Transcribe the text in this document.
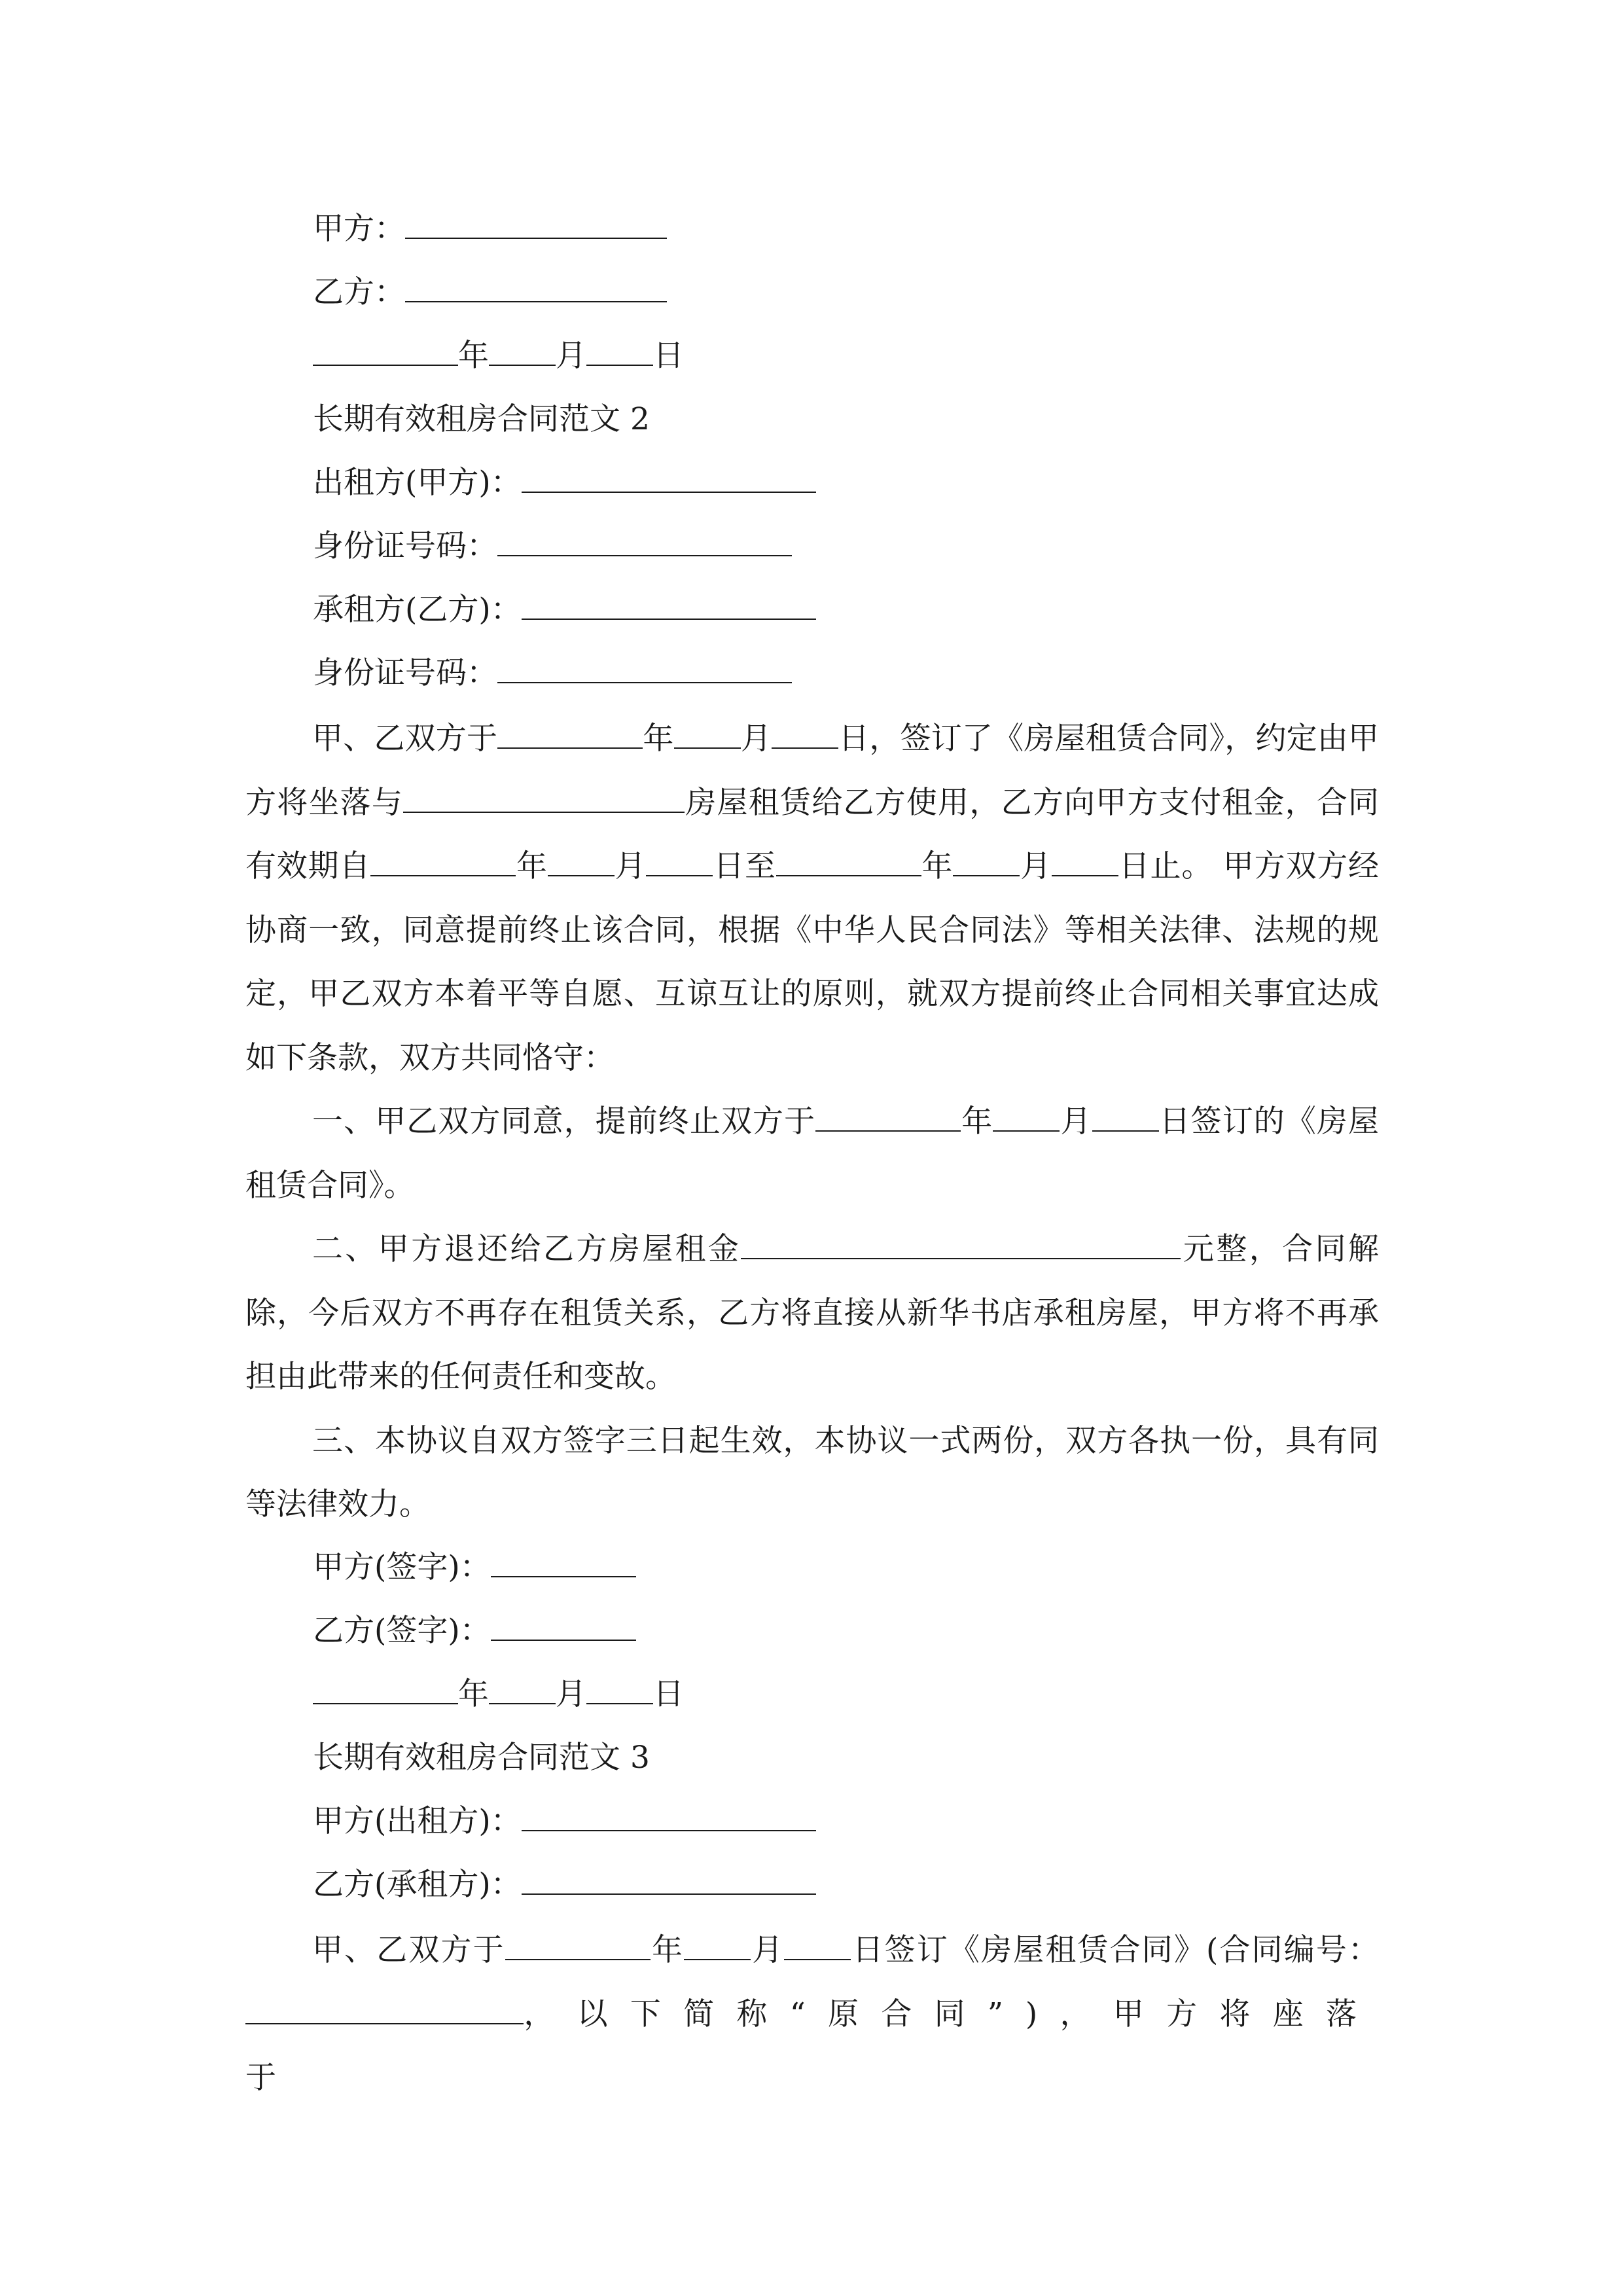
甲方：
乙方：
年 月 日
长期有效租房合同范文 2
出租方(甲方)：
身份证号码：
承租方(乙方)：
身份证号码：

甲、乙双方于	年 月 日，签订了《房屋租赁合同》，约定由甲方将坐落与	房屋租赁给乙方使用，乙方向甲方支付租金，合同有效期自	年 月 日至	年 月 日止。 甲方双方经协商一致，同意提前终止该合同，根据《中华人民合同法》等相关法律、法规的规定，甲乙双方本着平等自愿、互谅互让的原则，就双方提前终止合同相关事宜达成如下条款，双方共同恪守：

一、甲乙双方同意，提前终止双方于	年 月 日签订的《房屋租赁合同》。

二、甲方退还给乙方房屋租金	元整，合同解除，今后双方不再存在租赁关系，乙方将直接从新华书店承租房屋，甲方将不再承担由此带来的任何责任和变故。

三、本协议自双方签字三日起生效，本协议一式两份，双方各执一份，具有同等法律效力。

甲方(签字)：
乙方(签字)：
年 月 日
长期有效租房合同范文 3
甲方(出租方)：
乙方(承租方)：

甲、乙双方于	年 月 日签订《房屋租赁合同》(合同编号：，以下简称“原合同”)，甲方将座落于
